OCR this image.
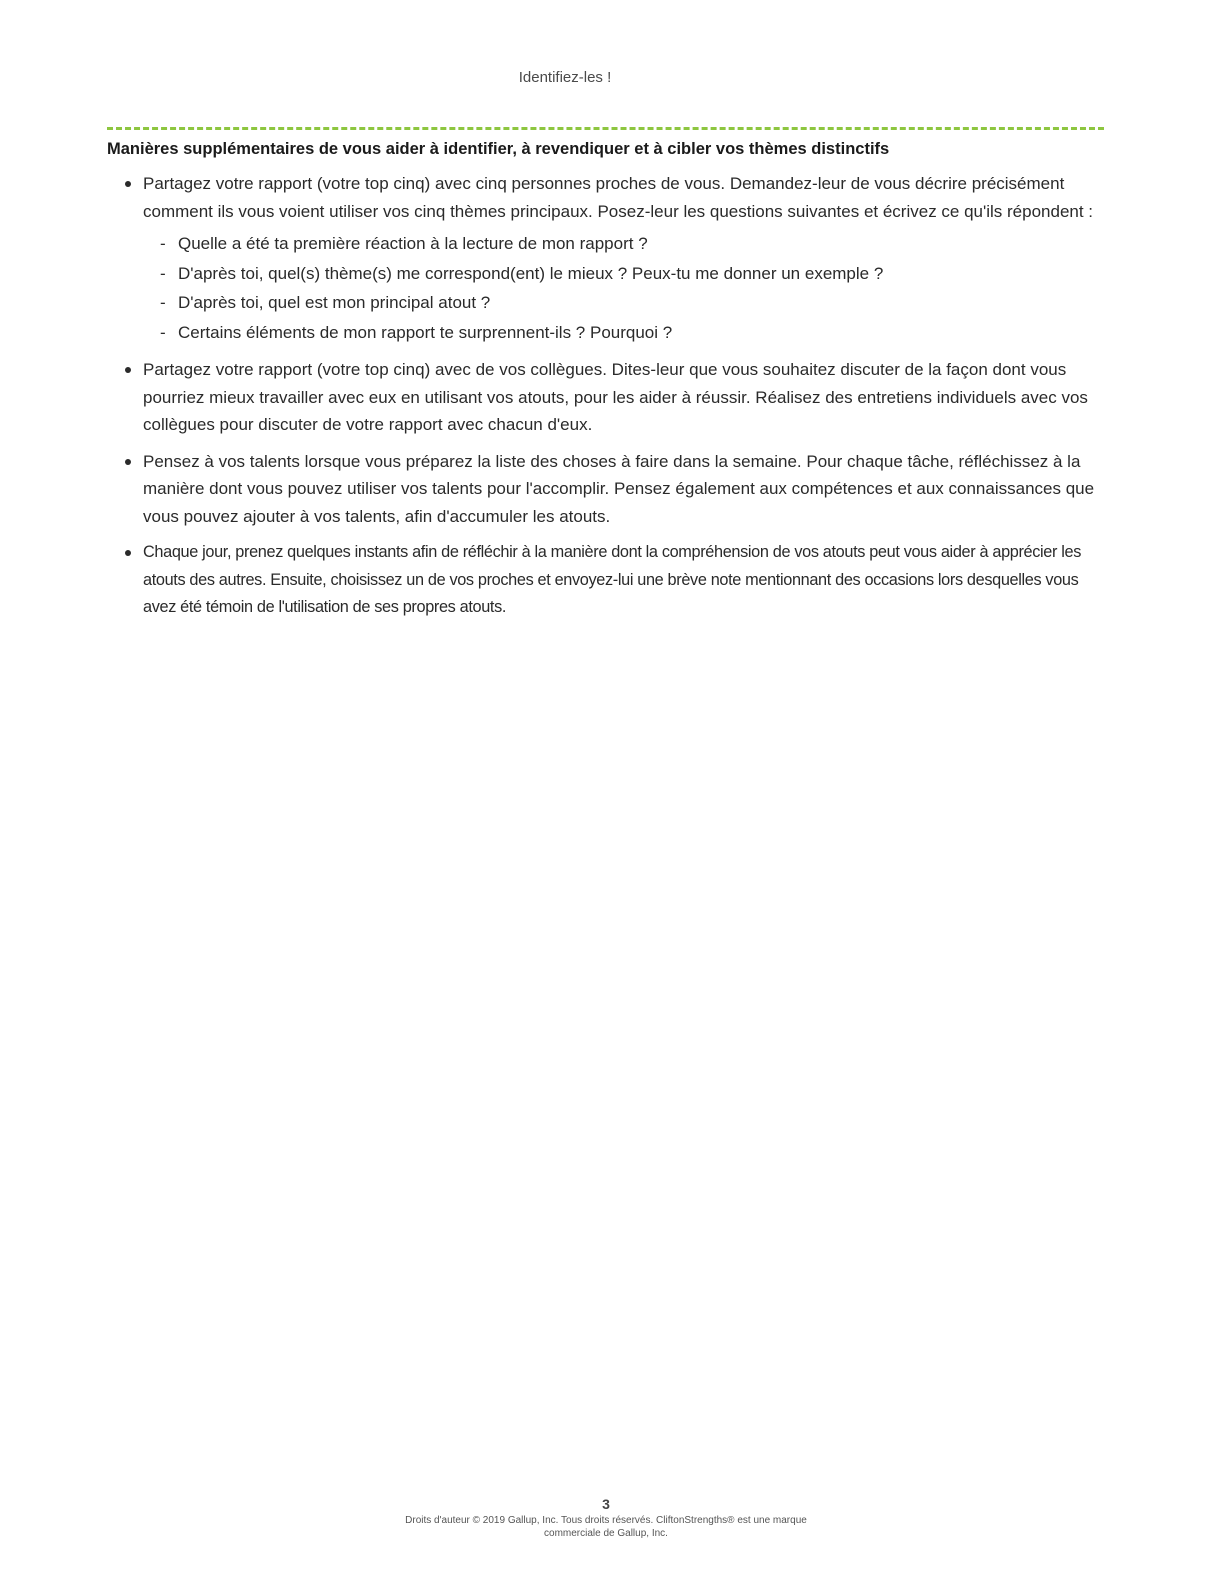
Identifiez-les !
Manières supplémentaires de vous aider à identifier, à revendiquer et à cibler vos thèmes distinctifs
Partagez votre rapport (votre top cinq) avec cinq personnes proches de vous. Demandez-leur de vous décrire précisément comment ils vous voient utiliser vos cinq thèmes principaux. Posez-leur les questions suivantes et écrivez ce qu'ils répondent :
- Quelle a été ta première réaction à la lecture de mon rapport ?
- D'après toi, quel(s) thème(s) me correspond(ent) le mieux ? Peux-tu me donner un exemple ?
- D'après toi, quel est mon principal atout ?
- Certains éléments de mon rapport te surprennent-ils ? Pourquoi ?
Partagez votre rapport (votre top cinq) avec de vos collègues. Dites-leur que vous souhaitez discuter de la façon dont vous pourriez mieux travailler avec eux en utilisant vos atouts, pour les aider à réussir. Réalisez des entretiens individuels avec vos collègues pour discuter de votre rapport avec chacun d'eux.
Pensez à vos talents lorsque vous préparez la liste des choses à faire dans la semaine. Pour chaque tâche, réfléchissez à la manière dont vous pouvez utiliser vos talents pour l'accomplir. Pensez également aux compétences et aux connaissances que vous pouvez ajouter à vos talents, afin d'accumuler les atouts.
Chaque jour, prenez quelques instants afin de réfléchir à la manière dont la compréhension de vos atouts peut vous aider à apprécier les atouts des autres. Ensuite, choisissez un de vos proches et envoyez-lui une brève note mentionnant des occasions lors desquelles vous avez été témoin de l'utilisation de ses propres atouts.
3
Droits d'auteur © 2019 Gallup, Inc. Tous droits réservés. CliftonStrengths® est une marque commerciale de Gallup, Inc.
